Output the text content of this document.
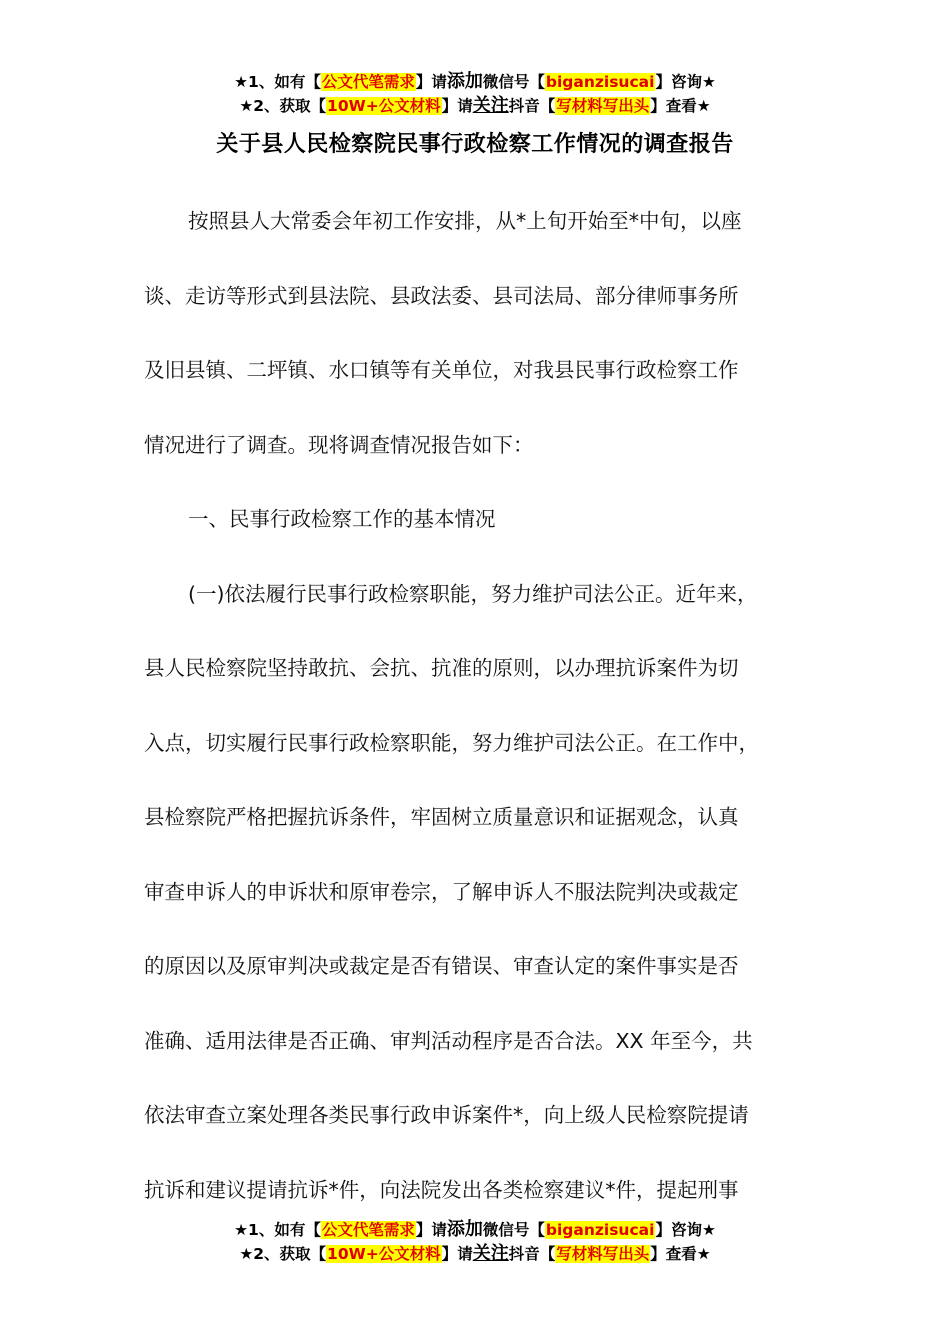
★1、如有【公文代笔需求】请添加微信号【biganzisucai】咨询★
★2、获取【10W+公文材料】请关注抖音【写材料写出头】查看★
关于县人民检察院民事行政检察工作情况的调查报告

按照县人大常委会年初工作安排，从*上旬开始至*中旬，以座

谈、走访等形式到县法院、县政法委、县司法局、部分律师事务所

及旧县镇、二坪镇、水口镇等有关单位，对我县民事行政检察工作

情况进行了调查。现将调查情况报告如下：

一、民事行政检察工作的基本情况

(一)依法履行民事行政检察职能，努力维护司法公正。近年来，

县人民检察院坚持敢抗、会抗、抗准的原则，以办理抗诉案件为切

入点，切实履行民事行政检察职能，努力维护司法公正。在工作中，

县检察院严格把握抗诉条件，牢固树立质量意识和证据观念，认真

审查申诉人的申诉状和原审卷宗，了解申诉人不服法院判决或裁定

的原因以及原审判决或裁定是否有错误、审查认定的案件事实是否

准确、适用法律是否正确、审判活动程序是否合法。XX 年至今，共

依法审查立案处理各类民事行政申诉案件*，向上级人民检察院提请

抗诉和建议提请抗诉*件，向法院发出各类检察建议*件，提起刑事

★1、如有【公文代笔需求】请添加微信号【biganzisucai】咨询★
★2、获取【10W+公文材料】请关注抖音【写材料写出头】查看★
